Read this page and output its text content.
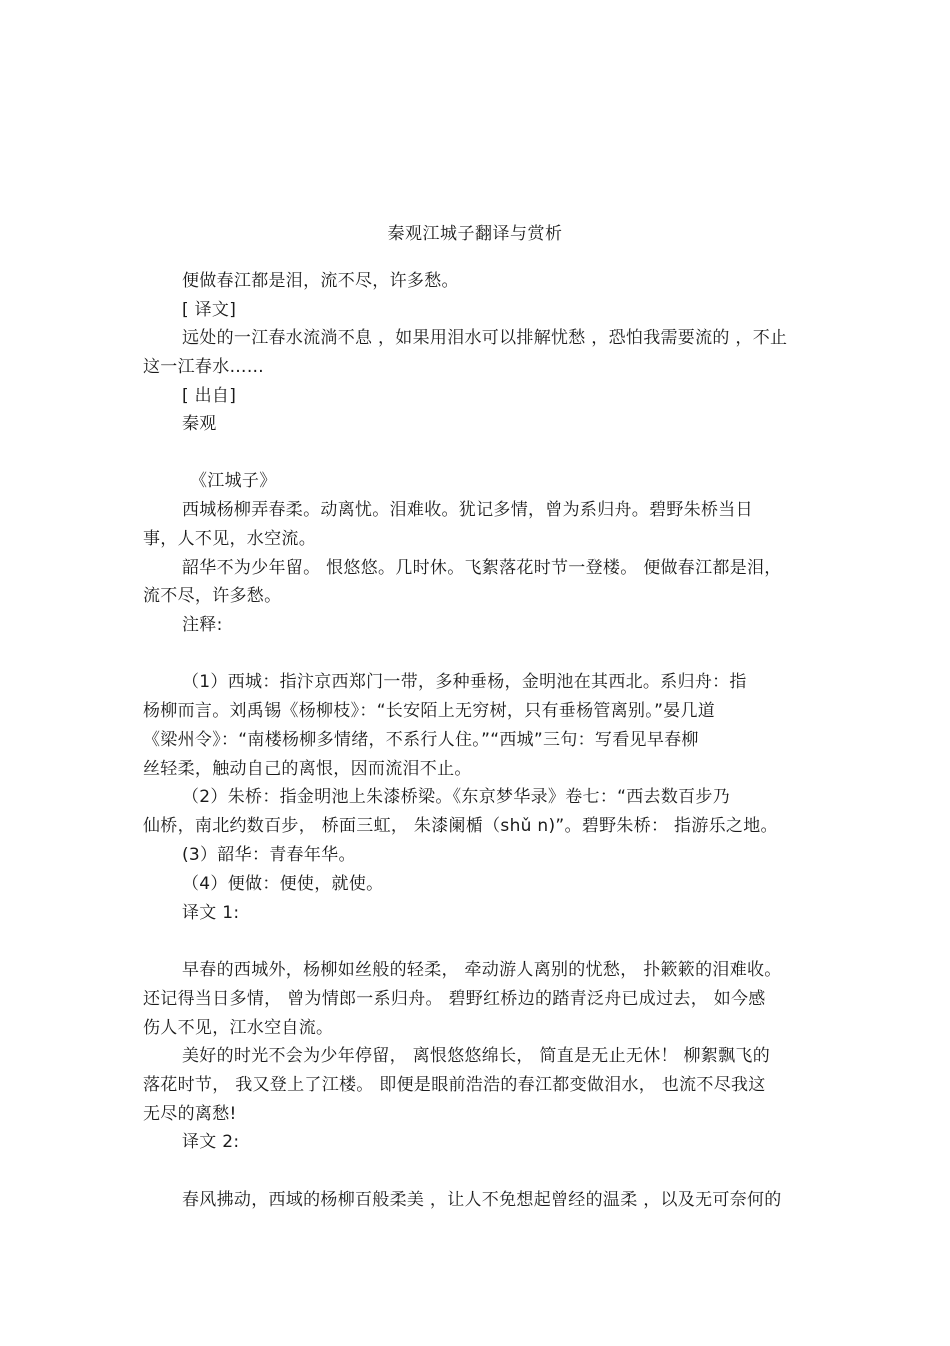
秦观江城子翻译与赏析
便做春江都是泪，流不尽，许多愁。
[ 译文]
远处的一江春水流淌不息 ，如果用泪水可以排解忧愁 ，恐怕我需要流的 ，不止
这一江春水……
[ 出自]
秦观
《江城子》
西城杨柳弄春柔。动离忧。泪难收。犹记多情，曾为系归舟。碧野朱桥当日
事，人不见，水空流。
韶华不为少年留。 恨悠悠。几时休。飞絮落花时节一登楼。 便做春江都是泪，
流不尽，许多愁。
注释:
（1）西城：指汴京西郑门一带，多种垂杨，金明池在其西北。系归舟：指
杨柳而言。刘禹锡《杨柳枝》：“长安陌上无穷树，只有垂杨管离别。”晏几道
《梁州令》：“南楼杨柳多情绪，不系行人住。”“西城”三句：写看见早春柳
丝轻柔，触动自己的离恨，因而流泪不止。
（2）朱桥：指金明池上朱漆桥梁。《东京梦华录》卷七：“西去数百步乃
仙桥，南北约数百步， 桥面三虹， 朱漆阑楯（shǔ n)”。碧野朱桥： 指游乐之地。
(3）韶华：青春年华。
（4）便做：便使，就使。
译文 1:
早春的西城外，杨柳如丝般的轻柔， 牵动游人离别的忧愁， 扑簌簌的泪难收。
还记得当日多情， 曾为情郎一系归舟。 碧野红桥边的踏青泛舟已成过去， 如今感
伤人不见，江水空自流。
美好的时光不会为少年停留， 离恨悠悠绵长， 简直是无止无休！ 柳絮飘飞的
落花时节， 我又登上了江楼。 即便是眼前浩浩的春江都变做泪水， 也流不尽我这
无尽的离愁!
译文 2:
春风拂动，西域的杨柳百般柔美 ，让人不免想起曾经的温柔 ，以及无可奈何的
